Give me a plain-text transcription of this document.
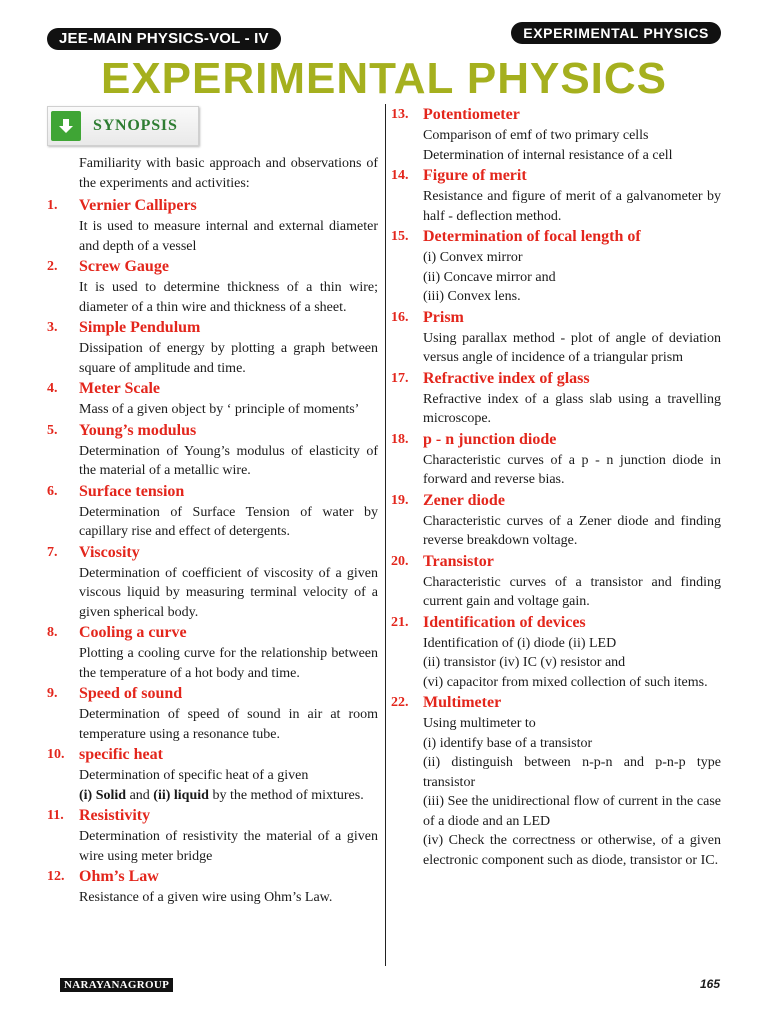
JEE-MAIN PHYSICS-VOL - IV	EXPERIMENTAL PHYSICS
EXPERIMENTAL PHYSICS
SYNOPSIS
Familiarity with basic approach and observations of the experiments and activities:
1.	Vernier Callipers
It is used to measure internal and external diameter and depth of a vessel
2.	Screw Gauge
It is used to determine thickness of a thin wire; diameter of a thin wire and thickness of a sheet.
3.	Simple Pendulum
Dissipation of energy by plotting a graph between square of amplitude and time.
4.	Meter Scale
Mass of a given object by ‘ principle of moments’
5.	Young’s modulus
Determination of Young’s modulus of elasticity of the material of a metallic wire.
6.	Surface tension
Determination of Surface Tension of water by capillary rise and effect of detergents.
7.	Viscosity
Determination of coefficient of viscosity of a given viscous liquid by measuring terminal velocity of a given spherical body.
8.	Cooling a curve
Plotting a cooling curve for the relationship between the temperature of a hot body and time.
9.	Speed of sound
Determination of speed of sound in air at room temperature using a resonance tube.
10. specific heat
Determination of specific heat of a given
(i) Solid and (ii) liquid by the method of mixtures.
11. Resistivity
Determination of resistivity the material of a given wire using meter bridge
12. Ohm’s Law
Resistance of a given wire using Ohm’s Law.
13. Potentiometer
Comparison of emf of two primary cells
Determination of internal resistance of a cell
14. Figure of merit
Resistance and figure of merit of a galvanometer by half - deflection method.
15. Determination of focal length of
(i) Convex mirror
(ii) Concave mirror and
(iii) Convex lens.
16. Prism
Using parallax method - plot of angle of deviation versus angle of incidence of a triangular prism
17. Refractive index of glass
Refractive index of a glass slab using a travelling microscope.
18. p - n junction diode
Characteristic curves of a p - n junction diode in forward and reverse bias.
19. Zener diode
Characteristic curves of a Zener diode and finding reverse breakdown voltage.
20. Transistor
Characteristic curves of a transistor and finding current gain and voltage gain.
21. Identification of devices
Identification of (i) diode (ii) LED
(ii) transistor (iv) IC (v) resistor and
(vi) capacitor from mixed collection of such items.
22. Multimeter
Using multimeter to
(i) identify base of a transistor
(ii) distinguish between n-p-n and p-n-p type transistor
(iii) See the unidirectional flow of current in the case of a diode and an LED
(iv) Check the correctness or otherwise, of a given electronic component such as diode, transistor or IC.
NARAYANAGROUP	165
